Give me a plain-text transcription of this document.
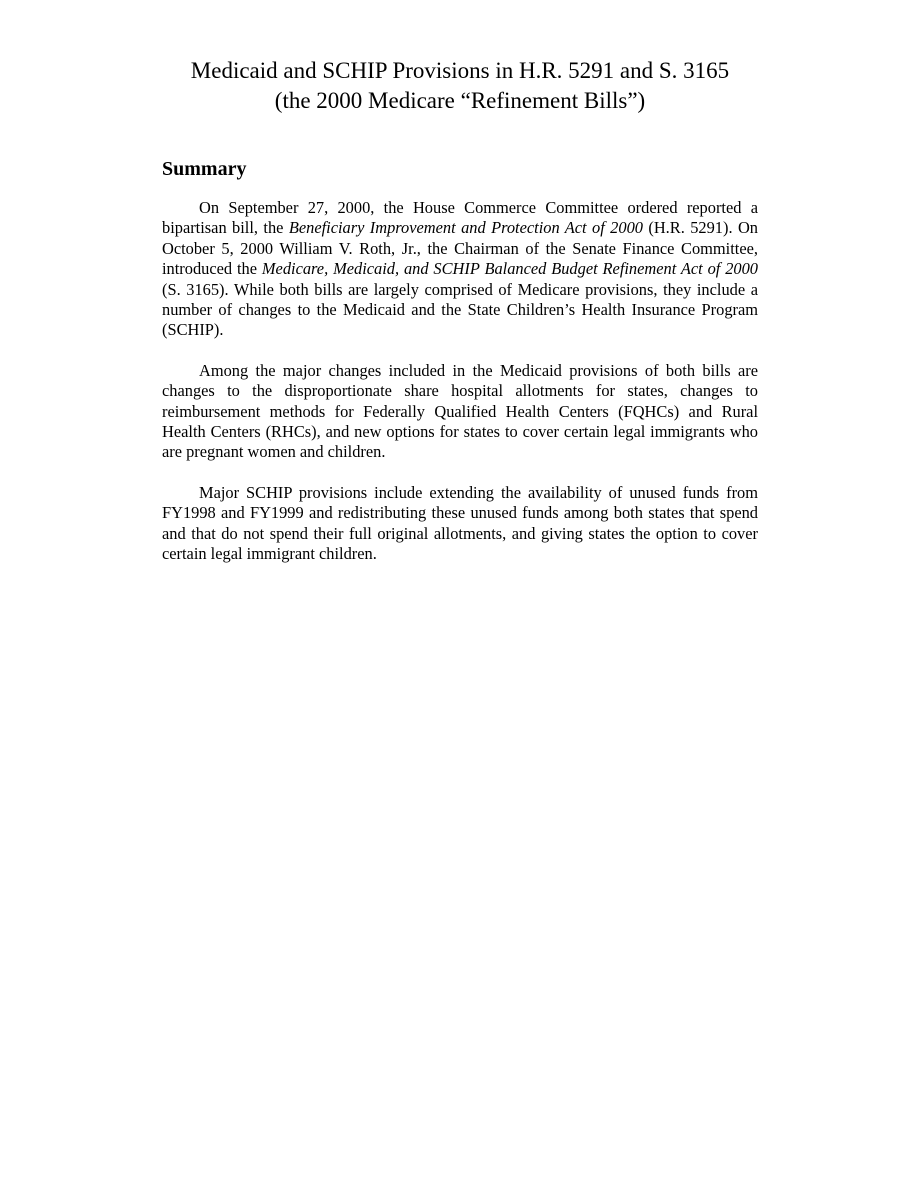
Medicaid and SCHIP Provisions in H.R. 5291 and S. 3165
(the 2000 Medicare “Refinement Bills”)
Summary

On September 27, 2000, the House Commerce Committee ordered reported a bipartisan bill, the Beneficiary Improvement and Protection Act of 2000 (H.R. 5291). On October 5, 2000 William V. Roth, Jr., the Chairman of the Senate Finance Committee, introduced the Medicare, Medicaid, and SCHIP Balanced Budget Refinement Act of 2000 (S. 3165). While both bills are largely comprised of Medicare provisions, they include a number of changes to the Medicaid and the State Children’s Health Insurance Program (SCHIP).

Among the major changes included in the Medicaid provisions of both bills are changes to the disproportionate share hospital allotments for states, changes to reimbursement methods for Federally Qualified Health Centers (FQHCs) and Rural Health Centers (RHCs), and new options for states to cover certain legal immigrants who are pregnant women and children.

Major SCHIP provisions include extending the availability of unused funds from FY1998 and FY1999 and redistributing these unused funds among both states that spend and that do not spend their full original allotments, and giving states the option to cover certain legal immigrant children.
